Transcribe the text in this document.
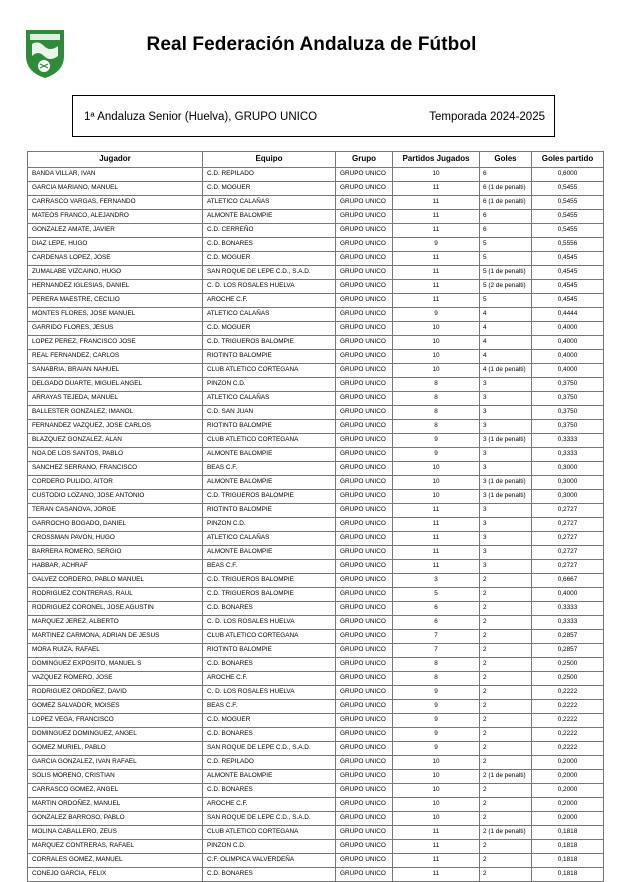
Real Federación Andaluza de Fútbol
1ª Andaluza Senior (Huelva), GRUPO UNICO	Temporada 2024-2025
Jugador	Equipo	Grupo	Partidos Jugados	Goles	Goles partido
BANDA VILLAR, IVAN	C.D. REPILADO	GRUPO UNICO	10	6	0,6000
GARCIA MARIANO, MANUEL	C.D. MOGUER	GRUPO UNICO	11	6 (1 de penalti)	0,5455
CARRASCO VARGAS, FERNANDO	ATLETICO CALAÑAS	GRUPO UNICO	11	6 (1 de penalti)	0,5455
MATEOS FRANCO, ALEJANDRO	ALMONTE BALOMPIE	GRUPO UNICO	11	6	0,5455
GONZALEZ AMATE, JAVIER	C.D. CERREÑO	GRUPO UNICO	11	6	0,5455
DIAZ LEPE, HUGO	C.D. BONARES	GRUPO UNICO	9	5	0,5556
CARDENAS LOPEZ, JOSE	C.D. MOGUER	GRUPO UNICO	11	5	0,4545
ZUMALABE VIZCAINO, HUGO	SAN ROQUE DE LEPE C.D., S.A.D.	GRUPO UNICO	11	5 (1 de penalti)	0,4545
HERNANDEZ IGLESIAS, DANIEL	C. D. LOS ROSALES HUELVA	GRUPO UNICO	11	5 (2 de penalti)	0,4545
PERERA MAESTRE, CECILIO	AROCHE C.F.	GRUPO UNICO	11	5	0,4545
MONTES FLORES, JOSE MANUEL	ATLETICO CALAÑAS	GRUPO UNICO	9	4	0,4444
GARRIDO FLORES, JESUS	C.D. MOGUER	GRUPO UNICO	10	4	0,4000
LOPEZ PEREZ, FRANCISCO JOSE	C.D. TRIGUEROS BALOMPIE	GRUPO UNICO	10	4	0,4000
REAL FERNANDEZ, CARLOS	RIOTINTO BALOMPIE	GRUPO UNICO	10	4	0,4000
SANABRIA, BRAIAN NAHUEL	CLUB ATLETICO CORTEGANA	GRUPO UNICO	10	4 (1 de penalti)	0,4000
DELGADO DUARTE, MIGUEL ANGEL	PINZON C.D.	GRUPO UNICO	8	3	0,3750
ARRAYAS TEJEDA, MANUEL	ATLETICO CALAÑAS	GRUPO UNICO	8	3	0,3750
BALLESTER GONZALEZ, IMANOL	C.D. SAN JUAN	GRUPO UNICO	8	3	0,3750
FERNANDEZ VAZQUEZ, JOSE CARLOS	RIOTINTO BALOMPIE	GRUPO UNICO	8	3	0,3750
BLAZQUEZ GONZALEZ, ALAN	CLUB ATLETICO CORTEGANA	GRUPO UNICO	9	3 (1 de penalti)	0,3333
NOA DE LOS SANTOS, PABLO	ALMONTE BALOMPIE	GRUPO UNICO	9	3	0,3333
SANCHEZ SERRANO, FRANCISCO	BEAS C.F.	GRUPO UNICO	10	3	0,3000
CORDERO PULIDO, AITOR	ALMONTE BALOMPIE	GRUPO UNICO	10	3 (1 de penalti)	0,3000
CUSTODIO LOZANO, JOSE ANTONIO	C.D. TRIGUEROS BALOMPIE	GRUPO UNICO	10	3 (1 de penalti)	0,3000
TERAN CASANOVA, JORGE	RIOTINTO BALOMPIE	GRUPO UNICO	11	3	0,2727
GARROCHO BOGADO, DANIEL	PINZON C.D.	GRUPO UNICO	11	3	0,2727
CROSSMAN PAVON, HUGO	ATLETICO CALAÑAS	GRUPO UNICO	11	3	0,2727
BARRERA ROMERO, SERGIO	ALMONTE BALOMPIE	GRUPO UNICO	11	3	0,2727
HABBAR, ACHRAF	BEAS C.F.	GRUPO UNICO	11	3	0,2727
GALVEZ CORDERO, PABLO MANUEL	C.D. TRIGUEROS BALOMPIE	GRUPO UNICO	3	2	0,6667
RODRIGUEZ CONTRERAS, RAUL	C.D. TRIGUEROS BALOMPIE	GRUPO UNICO	5	2	0,4000
RODRIGUEZ CORONEL, JOSE AGUSTIN	C.D. BONARES	GRUPO UNICO	6	2	0,3333
MARQUEZ JEREZ, ALBERTO	C. D. LOS ROSALES HUELVA	GRUPO UNICO	6	2	0,3333
MARTINEZ CARMONA, ADRIAN DE JESUS	CLUB ATLETICO CORTEGANA	GRUPO UNICO	7	2	0,2857
MORA RUIZA, RAFAEL	RIOTINTO BALOMPIE	GRUPO UNICO	7	2	0,2857
DOMINGUEZ EXPOSITO, MANUEL S	C.D. BONARES	GRUPO UNICO	8	2	0,2500
VAZQUEZ ROMERO, JOSE	AROCHE C.F.	GRUPO UNICO	8	2	0,2500
RODRIGUEZ ORDOÑEZ, DAVID	C. D. LOS ROSALES HUELVA	GRUPO UNICO	9	2	0,2222
GOMEZ SALVADOR, MOISES	BEAS C.F.	GRUPO UNICO	9	2	0,2222
LOPEZ VEGA, FRANCISCO	C.D. MOGUER	GRUPO UNICO	9	2	0,2222
DOMINGUEZ DOMINGUEZ, ANGEL	C.D. BONARES	GRUPO UNICO	9	2	0,2222
GOMEZ MURIEL, PABLO	SAN ROQUE DE LEPE C.D., S.A.D.	GRUPO UNICO	9	2	0,2222
GARCIA GONZALEZ, IVAN RAFAEL	C.D. REPILADO	GRUPO UNICO	10	2	0,2000
SOLIS MORENO, CRISTIAN	ALMONTE BALOMPIE	GRUPO UNICO	10	2 (1 de penalti)	0,2000
CARRASCO GOMEZ, ANGEL	C.D. BONARES	GRUPO UNICO	10	2	0,2000
MARTIN ORDOÑEZ, MANUEL	AROCHE C.F.	GRUPO UNICO	10	2	0,2000
GONZALEZ BARROSO, PABLO	SAN ROQUE DE LEPE C.D., S.A.D.	GRUPO UNICO	10	2	0,2000
MOLINA CABALLERO, ZEUS	CLUB ATLETICO CORTEGANA	GRUPO UNICO	11	2 (1 de penalti)	0,1818
MARQUEZ CONTRERAS, RAFAEL	PINZON C.D.	GRUPO UNICO	11	2	0,1818
CORRALES GOMEZ, MANUEL	C.F. OLIMPICA VALVERDEÑA	GRUPO UNICO	11	2	0,1818
CONEJO GARCIA, FELIX	C.D. BONARES	GRUPO UNICO	11	2	0,1818
